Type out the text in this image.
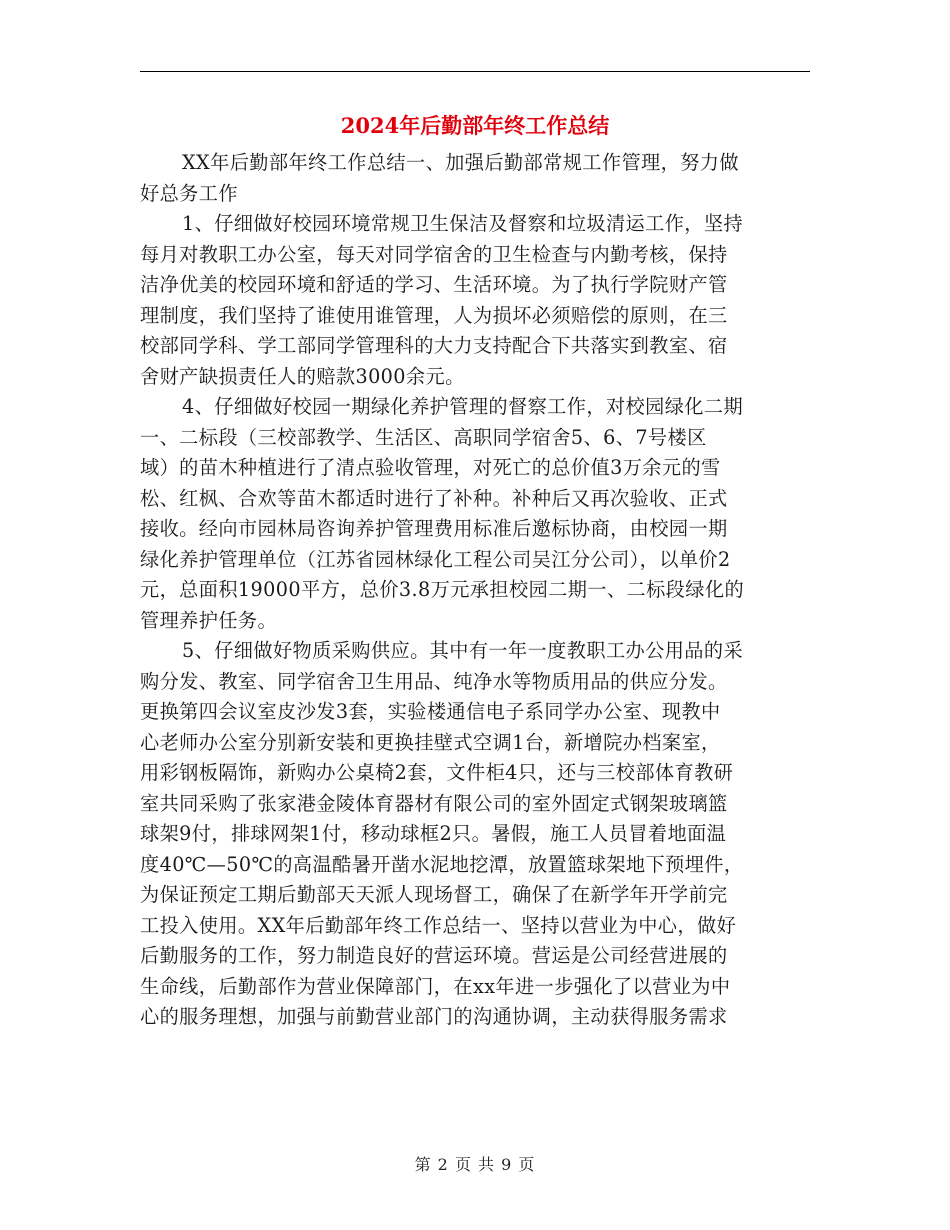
2024年后勤部年终工作总结
XX年后勤部年终工作总结一、加强后勤部常规工作管理，努力做
好总务工作
1、仔细做好校园环境常规卫生保洁及督察和垃圾清运工作，坚持
每月对教职工办公室，每天对同学宿舍的卫生检查与内勤考核，保持
洁净优美的校园环境和舒适的学习、生活环境。为了执行学院财产管
理制度，我们坚持了谁使用谁管理，人为损坏必须赔偿的原则，在三
校部同学科、学工部同学管理科的大力支持配合下共落实到教室、宿
舍财产缺损责任人的赔款3000余元。
4、仔细做好校园一期绿化养护管理的督察工作，对校园绿化二期
一、二标段（三校部教学、生活区、高职同学宿舍5、6、7号楼区
域）的苗木种植进行了清点验收管理，对死亡的总价值3万余元的雪
松、红枫、合欢等苗木都适时进行了补种。补种后又再次验收、正式
接收。经向市园林局咨询养护管理费用标准后邀标协商，由校园一期
绿化养护管理单位（江苏省园林绿化工程公司吴江分公司），以单价2
元，总面积19000平方，总价3.8万元承担校园二期一、二标段绿化的
管理养护任务。
5、仔细做好物质采购供应。其中有一年一度教职工办公用品的采
购分发、教室、同学宿舍卫生用品、纯净水等物质用品的供应分发。
更换第四会议室皮沙发3套，实验楼通信电子系同学办公室、现教中
心老师办公室分别新安装和更换挂壁式空调1台，新增院办档案室，
用彩钢板隔饰，新购办公桌椅2套，文件柜4只，还与三校部体育教研
室共同采购了张家港金陵体育器材有限公司的室外固定式钢架玻璃篮
球架9付，排球网架1付，移动球框2只。暑假，施工人员冒着地面温
度40℃—50℃的高温酷暑开凿水泥地挖潭，放置篮球架地下预埋件，
为保证预定工期后勤部天天派人现场督工，确保了在新学年开学前完
工投入使用。XX年后勤部年终工作总结一、坚持以营业为中心，做好
后勤服务的工作，努力制造良好的营运环境。营运是公司经营进展的
生命线，后勤部作为营业保障部门，在xx年进一步强化了以营业为中
心的服务理想，加强与前勤营业部门的沟通协调，主动获得服务需求
第 2 页 共 9 页
